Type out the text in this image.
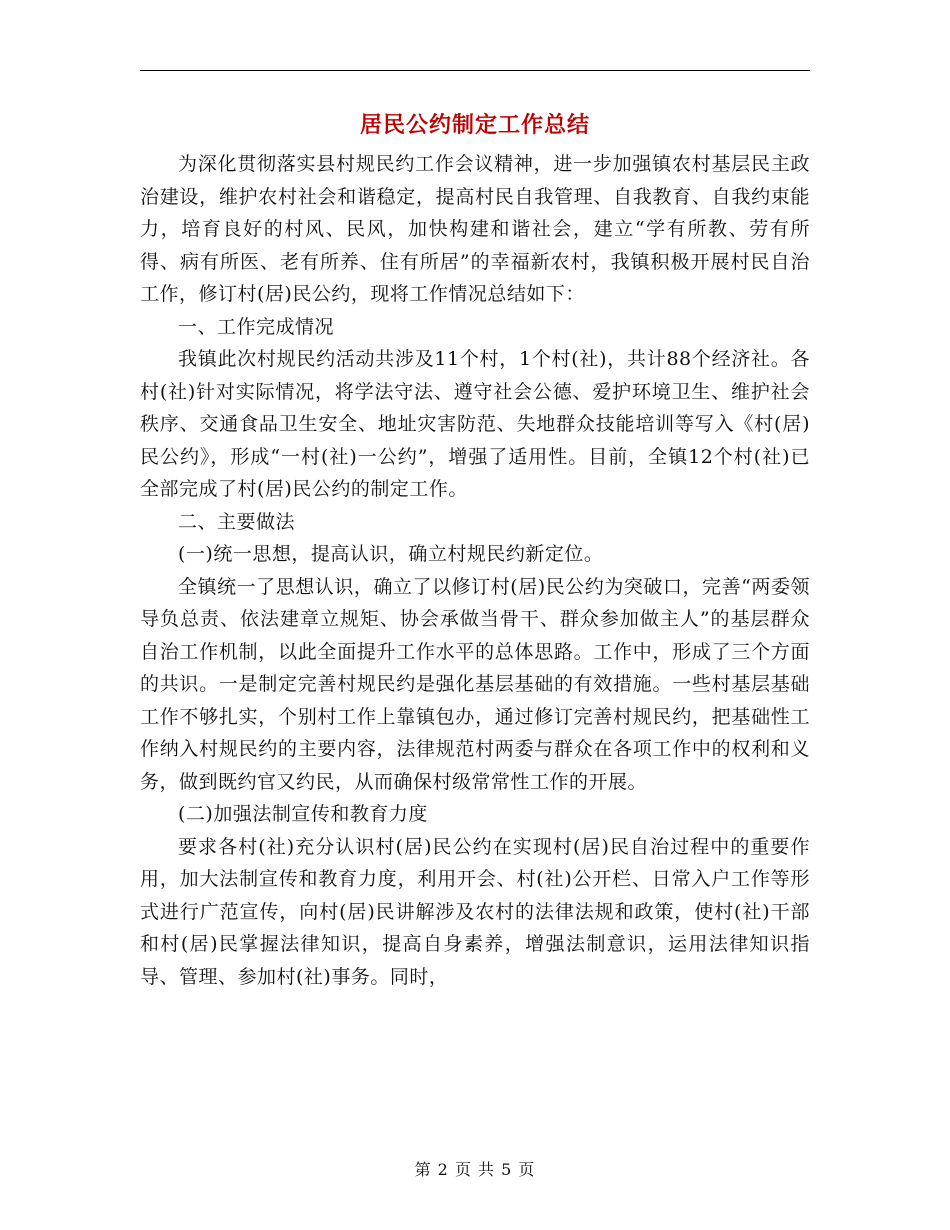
居民公约制定工作总结

为深化贯彻落实县村规民约工作会议精神，进一步加强镇农村基层民主政治建设，维护农村社会和谐稳定，提高村民自我管理、自我教育、自我约束能力，培育良好的村风、民风，加快构建和谐社会，建立“学有所教、劳有所得、病有所医、老有所养、住有所居”的幸福新农村，我镇积极开展村民自治工作，修订村(居)民公约，现将工作情况总结如下：

一、工作完成情况

我镇此次村规民约活动共涉及11个村，1个村(社)，共计88个经济社。各村(社)针对实际情况，将学法守法、遵守社会公德、爱护环境卫生、维护社会秩序、交通食品卫生安全、地址灾害防范、失地群众技能培训等写入《村(居)民公约》，形成“一村(社)一公约”，增强了适用性。目前，全镇12个村(社)已全部完成了村(居)民公约的制定工作。

二、主要做法

(一)统一思想，提高认识，确立村规民约新定位。

全镇统一了思想认识，确立了以修订村(居)民公约为突破口，完善“两委领导负总责、依法建章立规矩、协会承做当骨干、群众参加做主人”的基层群众自治工作机制，以此全面提升工作水平的总体思路。工作中，形成了三个方面的共识。一是制定完善村规民约是强化基层基础的有效措施。一些村基层基础工作不够扎实，个别村工作上靠镇包办，通过修订完善村规民约，把基础性工作纳入村规民约的主要内容，法律规范村两委与群众在各项工作中的权利和义务，做到既约官又约民，从而确保村级常常性工作的开展。

(二)加强法制宣传和教育力度

要求各村(社)充分认识村(居)民公约在实现村(居)民自治过程中的重要作用，加大法制宣传和教育力度，利用开会、村(社)公开栏、日常入户工作等形式进行广范宣传，向村(居)民讲解涉及农村的法律法规和政策，使村(社)干部和村(居)民掌握法律知识，提高自身素养，增强法制意识，运用法律知识指导、管理、参加村(社)事务。同时，

第 2 页 共 5 页
